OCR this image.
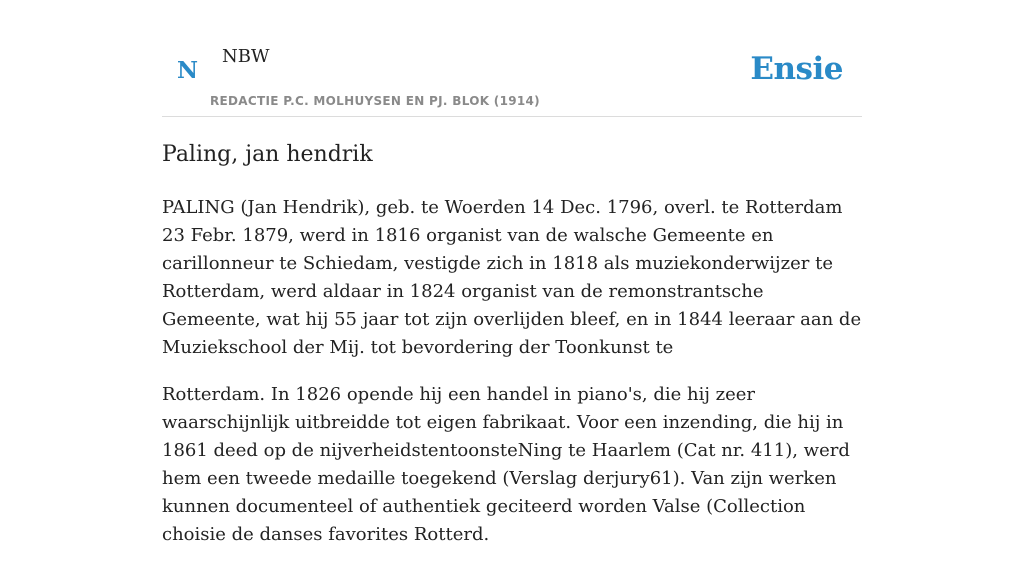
N
NBW
REDACTIE P.C. MOLHUYSEN EN PJ. BLOK (1914)
Ensie
Paling, jan hendrik

PALING (Jan Hendrik), geb. te Woerden 14 Dec. 1796, overl. te Rotterdam 23 Febr. 1879, werd in 1816 organist van de walsche Gemeente en carillonneur te Schiedam, vestigde zich in 1818 als muziekonderwijzer te Rotterdam, werd aldaar in 1824 organist van de remonstrantsche Gemeente, wat hij 55 jaar tot zijn overlijden bleef, en in 1844 leeraar aan de Muziekschool der Mij. tot bevordering der Toonkunst te

Rotterdam. In 1826 opende hij een handel in piano's, die hij zeer waarschijnlijk uitbreidde tot eigen fabrikaat. Voor een inzending, die hij in 1861 deed op de nijverheidstentoonsteNing te Haarlem (Cat nr. 411), werd hem een tweede medaille toegekend (Verslag derjury61). Van zijn werken kunnen documenteel of authentiek geciteerd worden Valse (Collection choisie de danses favorites Rotterd.
